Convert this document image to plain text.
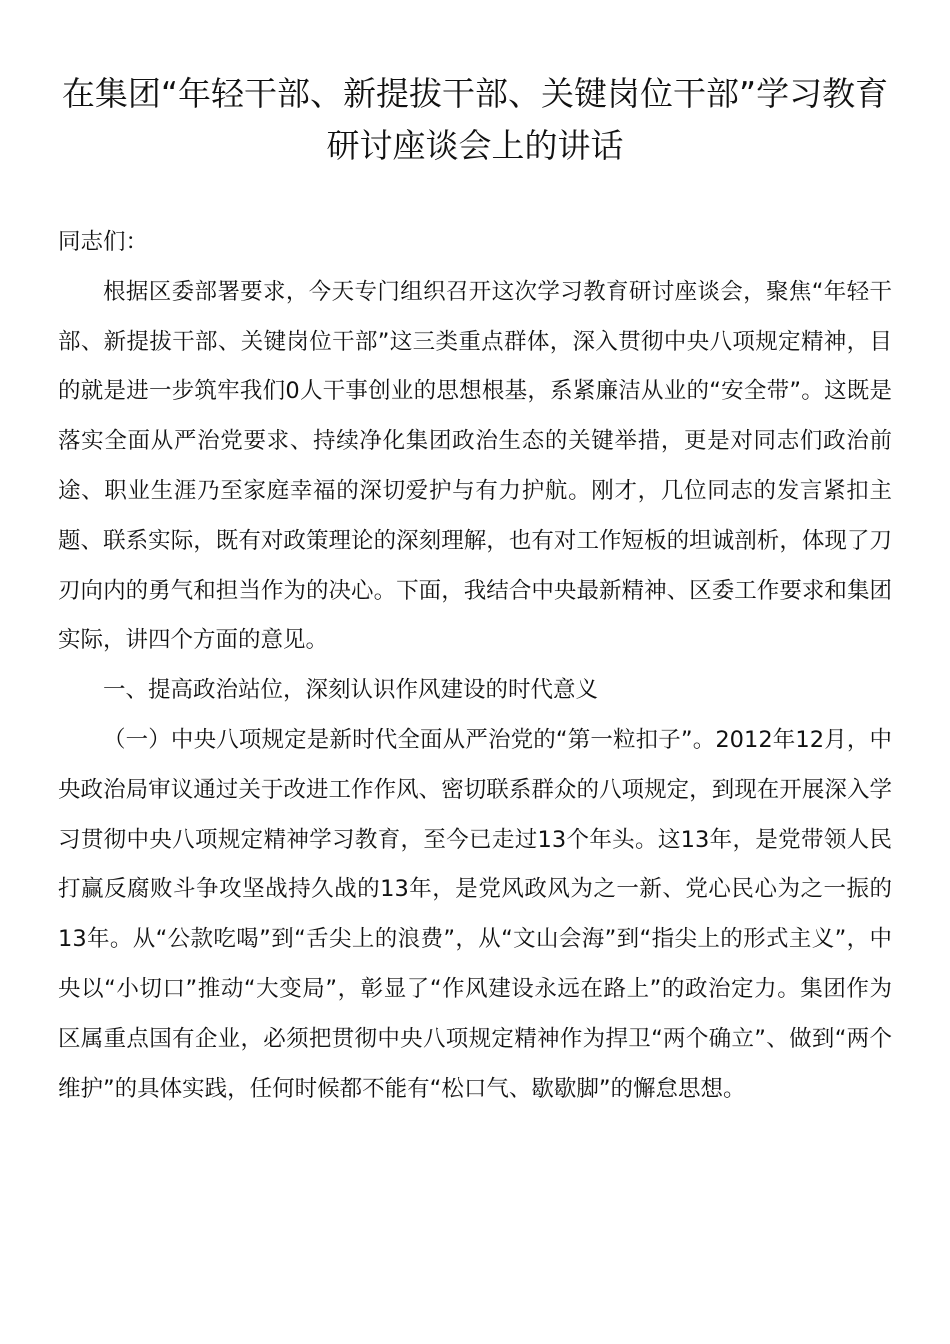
在集团“年轻干部、新提拔干部、关键岗位干部”学习教育研讨座谈会上的讲话

同志们：

根据区委部署要求，今天专门组织召开这次学习教育研讨座谈会，聚焦“年轻干部、新提拔干部、关键岗位干部”这三类重点群体，深入贯彻中央八项规定精神，目的就是进一步筑牢我们0人干事创业的思想根基，系紧廉洁从业的“安全带”。这既是落实全面从严治党要求、持续净化集团政治生态的关键举措，更是对同志们政治前途、职业生涯乃至家庭幸福的深切爱护与有力护航。刚才，几位同志的发言紧扣主题、联系实际，既有对政策理论的深刻理解，也有对工作短板的坦诚剖析，体现了刀刃向内的勇气和担当作为的决心。下面，我结合中央最新精神、区委工作要求和集团实际，讲四个方面的意见。

一、提高政治站位，深刻认识作风建设的时代意义

（一）中央八项规定是新时代全面从严治党的“第一粒扣子”。2012年12月，中央政治局审议通过关于改进工作作风、密切联系群众的八项规定，到现在开展深入学习贯彻中央八项规定精神学习教育，至今已走过13个年头。这13年，是党带领人民打赢反腐败斗争攻坚战持久战的13年，是党风政风为之一新、党心民心为之一振的13年。从“公款吃喝”到“舌尖上的浪费”，从“文山会海”到“指尖上的形式主义”，中央以“小切口”推动“大变局”，彰显了“作风建设永远在路上”的政治定力。集团作为区属重点国有企业，必须把贯彻中央八项规定精神作为捍卫“两个确立”、做到“两个维护”的具体实践，任何时候都不能有“松口气、歇歇脚”的懈怠思想。
